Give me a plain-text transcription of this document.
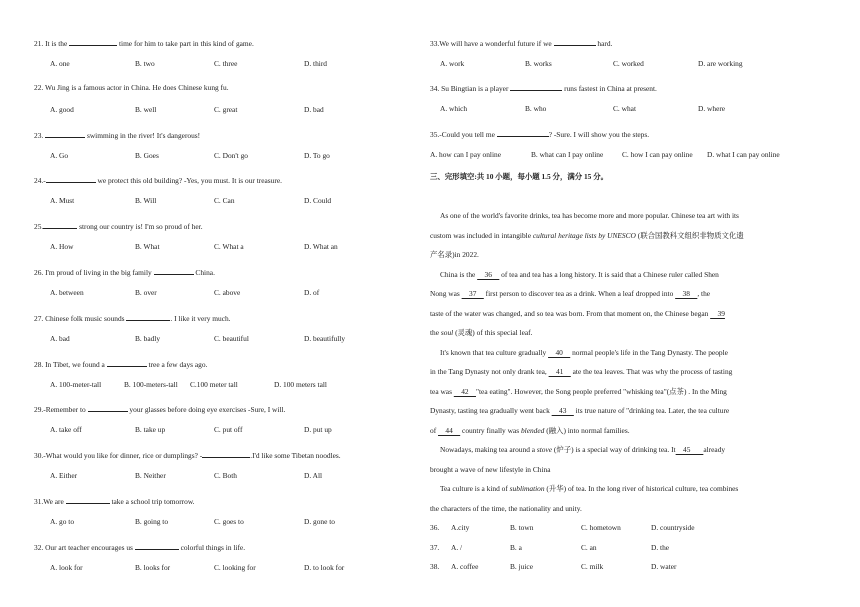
21. It is the	time for him to take part in this kind of game.
A. one	B. two	C. three	D. third
22. Wu Jing is a famous actor in China. He does Chinese kung fu.
A. good	B. well	C. great	D. bad
23.	swimming in the river! It's dangerous!
A. Go	B. Goes	C. Don't go	D. To go
24.-	we protect this old building? -Yes, you must. It is our treasure.
A. Must	B. Will	C. Can	D. Could
25.	strong our country is! I'm so proud of her.
A. How	B. What	C. What a	D. What an
26. I'm proud of living in the big family	China.
A. between	B. over	C. above	D. of
27. Chinese folk music sounds	. I like it very much.
A. bad	B. badly	C. beautiful	D. beautifully
28. In Tibet, we found a	tree a few days ago.
A. 100-meter-tall	B. 100-meters-tall C.100 meter tall	D. 100 meters tall
29.-Remember to	your glasses before doing eye exercises -Sure, I will.
A. take off	B. take up	C. put off	D. put up
30.-What would you like for dinner, rice or dumplings? -	.I'd like some Tibetan noodles.
A. Either	B. Neither	C. Both	D. All
31.We are	take a school trip tomorrow.
A. go to	B. going to	C. goes to	D. gone to
32. Our art teacher encourages us	colorful things in life.
A. look for	B. looks for	C. looking for	D. to look for
三、完形填空:共 10 小题，每小题 1.5 分，满分 15 分。
As one of the world's favorite drinks, tea has become more and more popular. Chinese tea art with its
custom was included in intangible cultural heritage lists by UNESCO (联合国教科文组织非物质文化遗
产名录)in 2022.
China is the     36     of tea and tea has a long history. It is said that a Chinese ruler called Shen
Nong was     37     first person to discover tea as a drink. When a leaf dropped into     38    , the
taste of the water was changed, and so tea was born. From that moment on, the Chinese began     39
the soul (灵魂) of this special leaf.
It's known that tea culture gradually     40     normal people's life in the Tang Dynasty. The people
in the Tang Dynasty not only drank tea,     41     ate the tea leaves. That was why the process of tasting
tea was     42    "tea eating". However, the Song people preferred "whisking tea"(点茶) . In the Ming
Dynasty, tasting tea gradually went back     43     its true nature of "drinking tea. Later, the tea culture
of     44     country finally was blended (融入) into normal families.
Nowadays, making tea around a stove (炉子) is a special way of drinking tea. It    45       already
brought a wave of new lifestyle in China
Tea culture is a kind of sublimation (升华) of tea. In the long river of historical culture, tea combines
the characters of the time, the nationality and unity.
33.We will have a wonderful future if we	hard.
A. work	B. works	C. worked	D. are working
34. Su Bingtian is a player	runs fastest in China at present.
A. which	B. who	C. what	D. where
35.-Could you tell me	? -Sure. I will show you the steps.
A. how can I pay online	B. what can I pay online	C. how I can pay online D. what I can pay online
36. A.city	B. town	C. hometown	D. countryside
37. A. /	B. a	C. an	D. the
38. A. coffee	B. juice	C. milk	D. water
